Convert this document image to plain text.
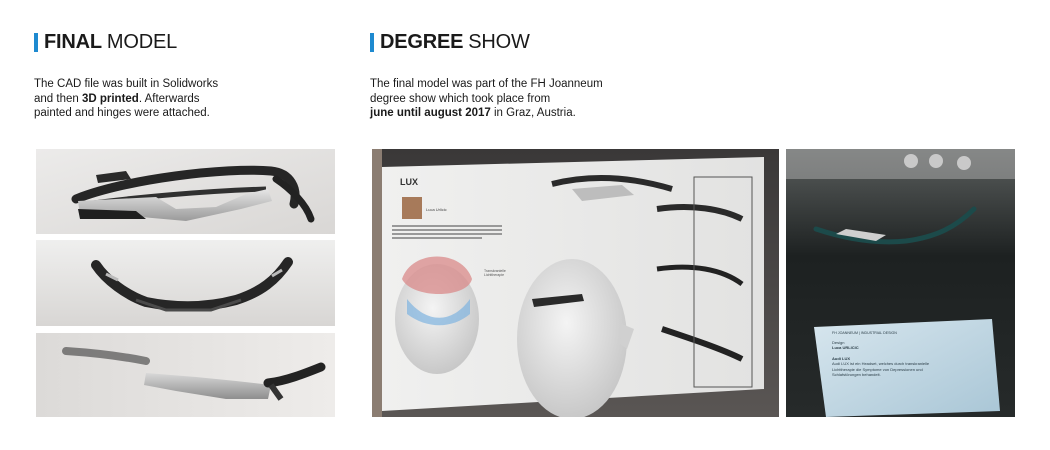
FINAL MODEL
The CAD file was built in Solidworks
and then 3D printed. Afterwards
painted and hinges were attached.
DEGREE SHOW
The final model was part of the FH Joanneum
degree show which took place from
june until august 2017 in Graz, Austria.
LUX
Luca Urlicic
Transkranielle Lichttherapie
FH JOANNEUM | INDUSTRIAL DESIGN
Design
Luca URLICIC
Audi LUX
Audi LUX ist ein Headset, welches durch transkranielle
Lichttherapie die Symptome von Depressionen und
Schlafstörungen behandelt.
